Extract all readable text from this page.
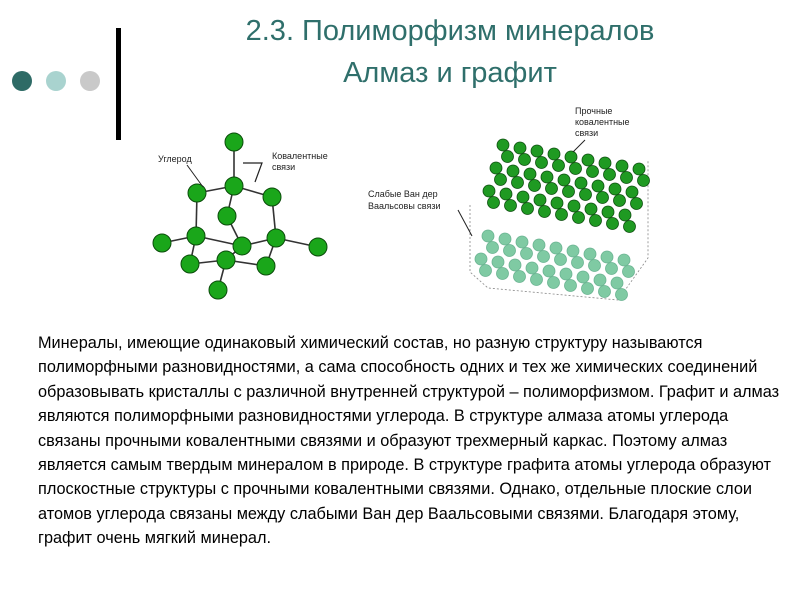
2.3. Полиморфизм минералов
Алмаз и графит
Углерод	Ковалентные
связи
Прочные
ковалентные
связи
Слабые Ван дер
Ваальсовы связи
Минералы, имеющие одинаковый химический состав, но разную структуру называются полиморфными разновидностями, а сама способность одних и тех же химических соединений образовывать кристаллы с различной внутренней структурой – полиморфизмом. Графит и алмаз являются полиморфными разновидностями углерода. В структуре алмаза атомы углерода связаны прочными ковалентными связями и образуют трехмерный каркас. Поэтому алмаз является самым твердым минералом в природе. В структуре графита атомы углерода образуют плоскостные структуры с прочными ковалентными связями. Однако, отдельные плоские слои атомов углерода связаны между слабыми Ван дер Ваальсовыми связями. Благодаря этому, графит очень мягкий минерал.
